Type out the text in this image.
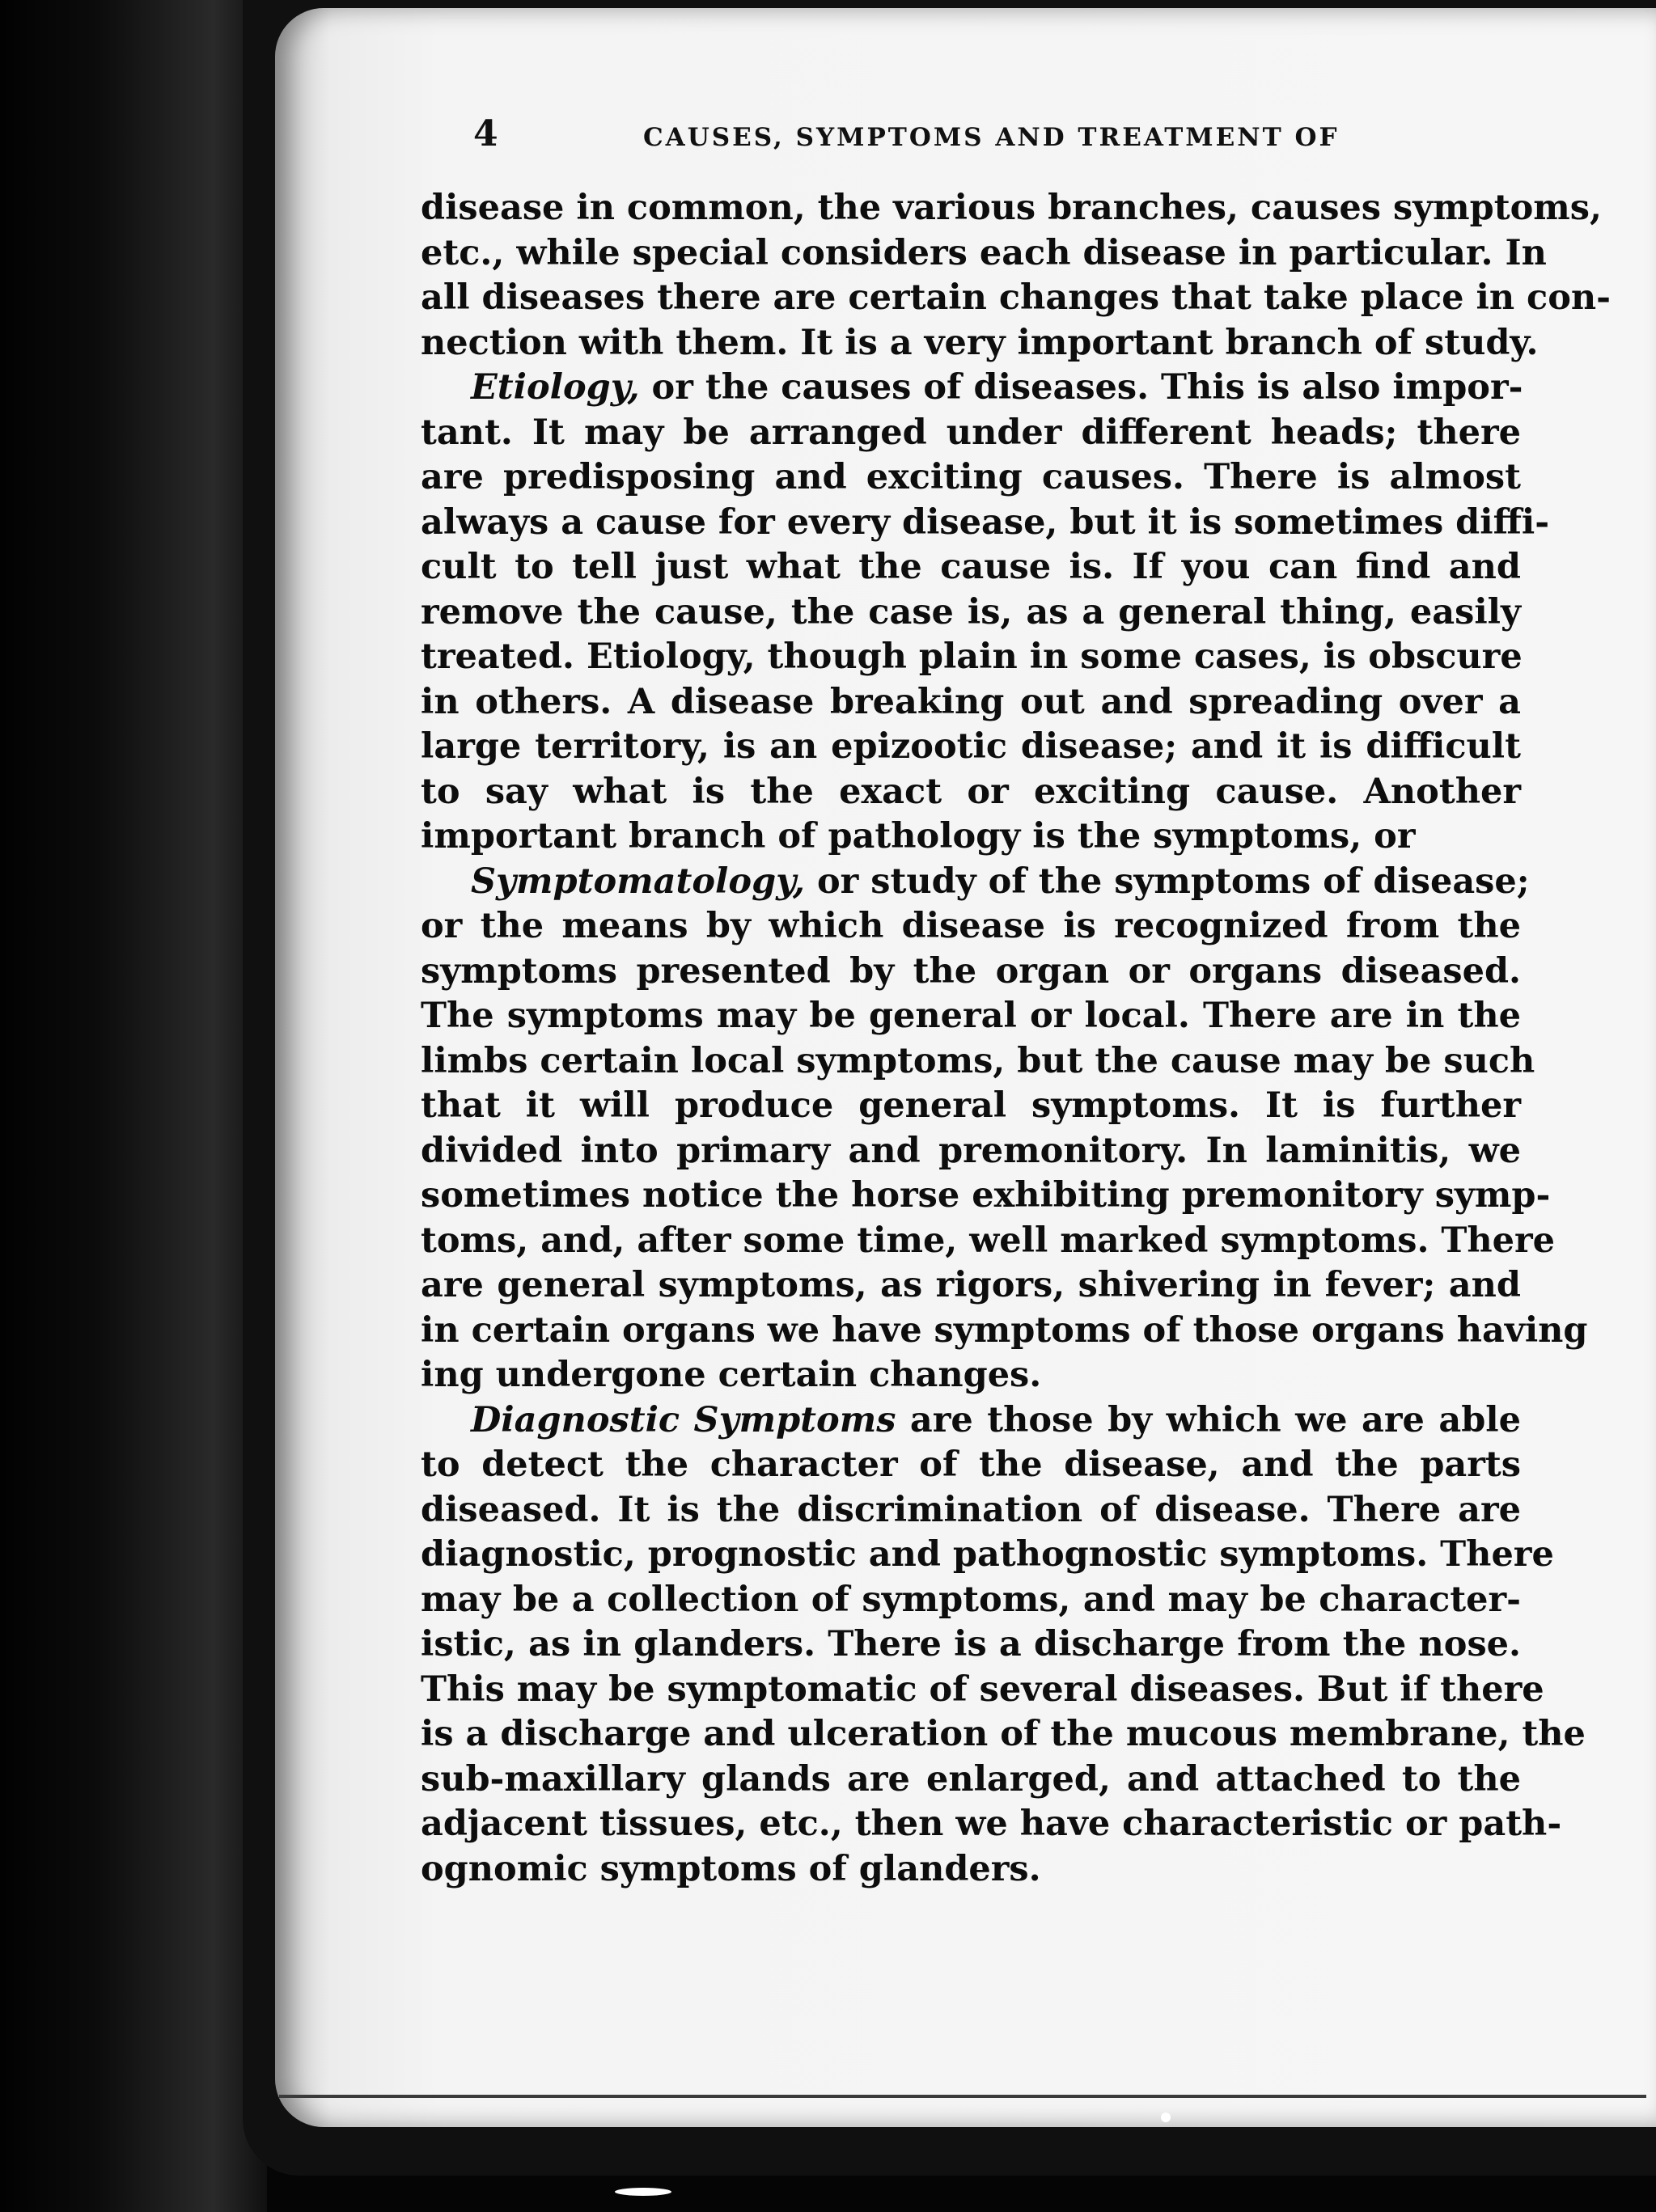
4	CAUSES, SYMPTOMS AND TREATMENT OF
disease in common, the various branches, causes symptoms,
etc., while special considers each disease in particular. In
all diseases there are certain changes that take place in con-
nection with them. It is a very important branch of study.
Etiology, or the causes of diseases. This is also impor-
tant. It may be arranged under different heads; there
are predisposing and exciting causes. There is almost
always a cause for every disease, but it is sometimes diffi-
cult to tell just what the cause is. If you can find and
remove the cause, the case is, as a general thing, easily
treated. Etiology, though plain in some cases, is obscure
in others. A disease breaking out and spreading over a
large territory, is an epizootic disease; and it is difficult
to say what is the exact or exciting cause. Another
important branch of pathology is the symptoms, or
Symptomatology, or study of the symptoms of disease;
or the means by which disease is recognized from the
symptoms presented by the organ or organs diseased.
The symptoms may be general or local. There are in the
limbs certain local symptoms, but the cause may be such
that it will produce general symptoms. It is further
divided into primary and premonitory. In laminitis, we
sometimes notice the horse exhibiting premonitory symp-
toms, and, after some time, well marked symptoms. There
are general symptoms, as rigors, shivering in fever; and
in certain organs we have symptoms of those organs having
ing undergone certain changes.
Diagnostic Symptoms are those by which we are able
to detect the character of the disease, and the parts
diseased. It is the discrimination of disease. There are
diagnostic, prognostic and pathognostic symptoms. There
may be a collection of symptoms, and may be character-
istic, as in glanders. There is a discharge from the nose.
This may be symptomatic of several diseases. But if there
is a discharge and ulceration of the mucous membrane, the
sub-maxillary glands are enlarged, and attached to the
adjacent tissues, etc., then we have characteristic or path-
ognomic symptoms of glanders.
